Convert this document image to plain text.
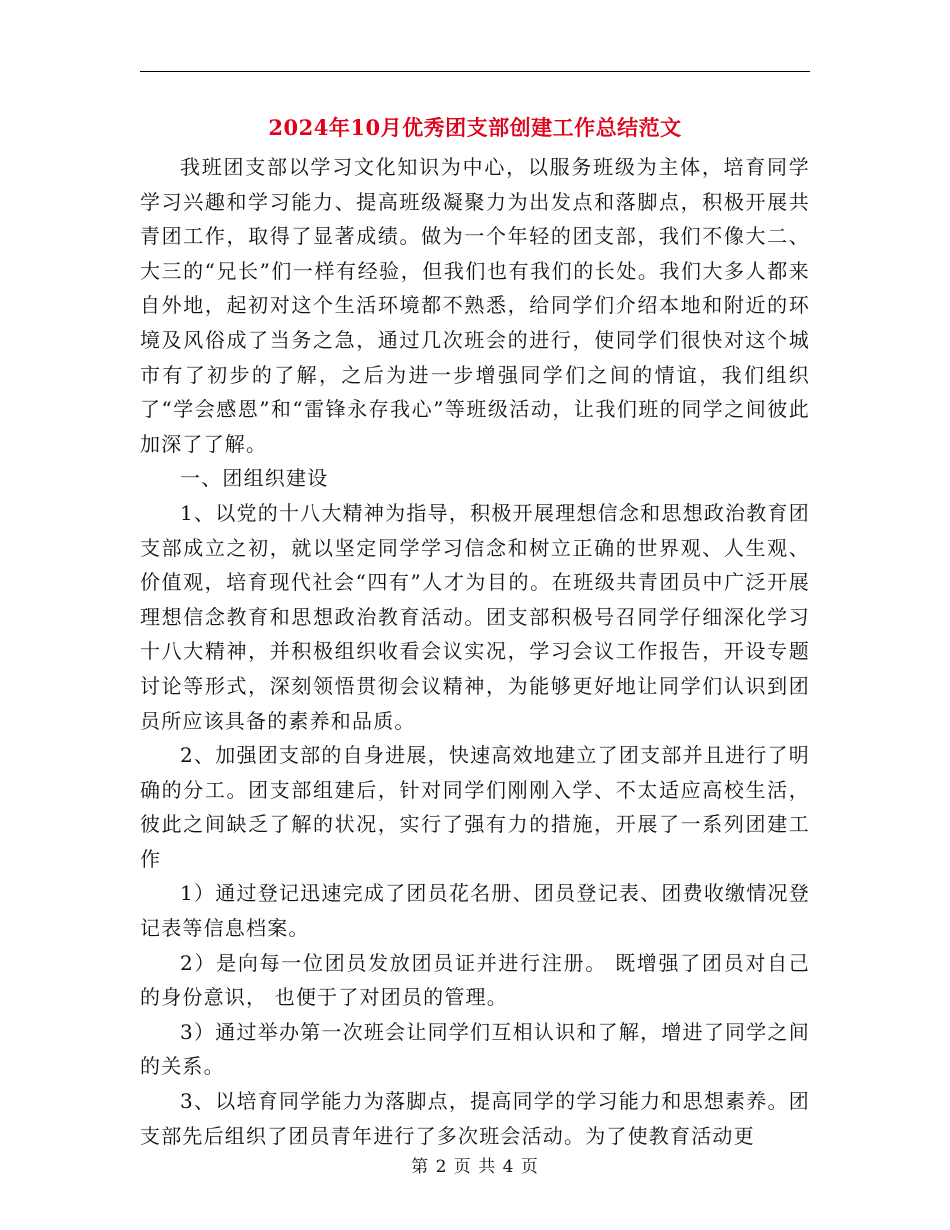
2024年10月优秀团支部创建工作总结范文

我班团支部以学习文化知识为中心，以服务班级为主体，培育同学学习兴趣和学习能力、提高班级凝聚力为出发点和落脚点，积极开展共青团工作，取得了显著成绩。做为一个年轻的团支部，我们不像大二、大三的“兄长”们一样有经验，但我们也有我们的长处。我们大多人都来自外地，起初对这个生活环境都不熟悉，给同学们介绍本地和附近的环境及风俗成了当务之急，通过几次班会的进行，使同学们很快对这个城市有了初步的了解，之后为进一步增强同学们之间的情谊，我们组织了“学会感恩”和“雷锋永存我心”等班级活动，让我们班的同学之间彼此加深了了解。

一、团组织建设

1、以党的十八大精神为指导，积极开展理想信念和思想政治教育团支部成立之初，就以坚定同学学习信念和树立正确的世界观、人生观、价值观，培育现代社会“四有”人才为目的。在班级共青团员中广泛开展理想信念教育和思想政治教育活动。团支部积极号召同学仔细深化学习十八大精神，并积极组织收看会议实况，学习会议工作报告，开设专题讨论等形式，深刻领悟贯彻会议精神，为能够更好地让同学们认识到团员所应该具备的素养和品质。

2、加强团支部的自身进展，快速高效地建立了团支部并且进行了明确的分工。团支部组建后，针对同学们刚刚入学、不太适应高校生活，彼此之间缺乏了解的状况，实行了强有力的措施，开展了一系列团建工作

1）通过登记迅速完成了团员花名册、团员登记表、团费收缴情况登记表等信息档案。

2）是向每一位团员发放团员证并进行注册。 既增强了团员对自己的身份意识， 也便于了对团员的管理。

3）通过举办第一次班会让同学们互相认识和了解，增进了同学之间的关系。

3、以培育同学能力为落脚点，提高同学的学习能力和思想素养。团支部先后组织了团员青年进行了多次班会活动。为了使教育活动更

第 2 页 共 4 页
